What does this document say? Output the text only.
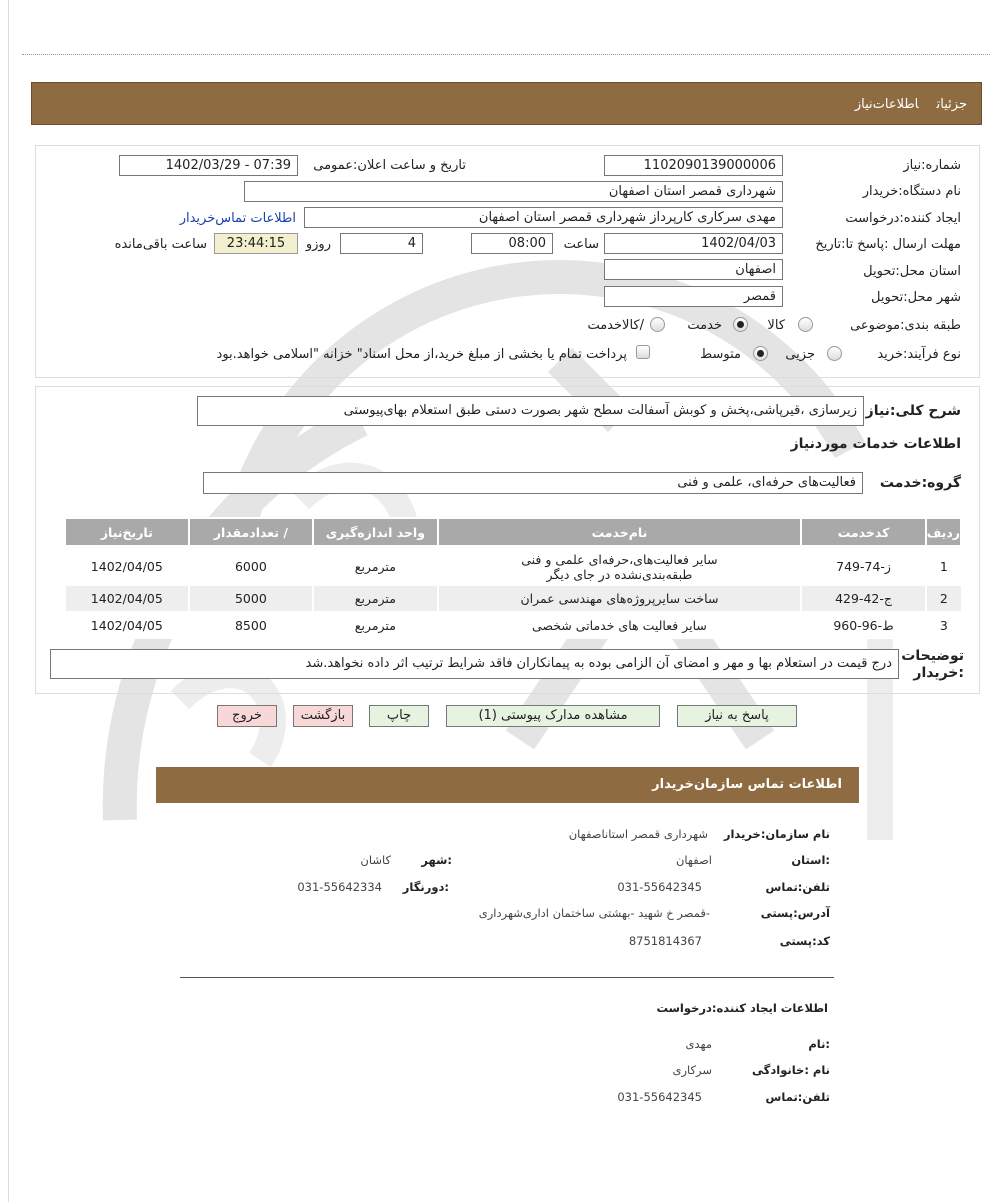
جزئیاتاطلاعات‌نیاز
شماره:نیاز
1102090139000006
تاریخ و ساعت اعلان:عمومی
1402/03/29 - 07:39
نام دستگاه:خریدار
شهرداری قمصر استان اصفهان
ایجاد کننده:درخواست
مهدی سرکاری کارپرداز شهرداری قمصر استان اصفهان
اطلاعات تماس‌خریدار
مهلت ارسال :پاسخ تا:تاریخ
1402/04/03
ساعت
08:00
4
روزو
23:44:15
ساعت باقی‌مانده
استان محل:تحویل
اصفهان
شهر محل:تحویل
قمصر
طبقه بندی:موضوعی
کالا
خدمت
/کالاخدمت
نوع فرآیند:
خرید
جزیی
متوسط
پرداخت تمام یا بخشی از مبلغ خرید،از محل اسناد" خزانه "اسلامی خواهد.بود
شرح کلی:نیاز
زیرسازی ،قیرپاشی،پخش و کوبش آسفالت سطح شهر بصورت دستی طبق استعلام بهای‌پیوستی
اطلاعات خدمات موردنیاز
گروه:خدمت
فعالیت‌های حرفه‌ای، علمی و فنی
ردیف	کدخدمت	نام‌خدمت	واحد اندازه‌گیری	/ تعدادمقدار	تاریخ‌نیاز
1	ز-74-749	سایر فعالیت‌های،حرفه‌ای علمی و فنی طبقه‌بندی‌نشده در جای دیگر	مترمربع	6000	1402/04/05
2	ج-42-429	ساخت سایرپروژه‌های مهندسی عمران	مترمربع	5000	1402/04/05
3	ط-96-960	سایر فعالیت های خدماتی شخصی	مترمربع	8500	1402/04/05
توضیحات :خریدار
درج قیمت در استعلام بها و مهر و امضای آن الزامی بوده به پیمانکاران فاقد شرایط ترتیب اثر داده نخواهد.شد
پاسخ به نیاز
مشاهده مدارک پیوستی (1)
چاپ
بازگشت
خروج
اطلاعات تماس سازمان‌خریدار
نام سازمان:خریدار
شهرداری قمصر استاناصفهان
:استان
اصفهان
:شهر
کاشان
تلفن:تماس
031-55642345
:دورنگار
031-55642334
آدرس:پستی
-قمصر خ شهید -بهشتی ساختمان اداری‌شهرداری
کد:پستی
8751814367
اطلاعات ایجاد کننده:درخواست
:نام
مهدی
نام :خانوادگی
سرکاری
تلفن:تماس
031-55642345
